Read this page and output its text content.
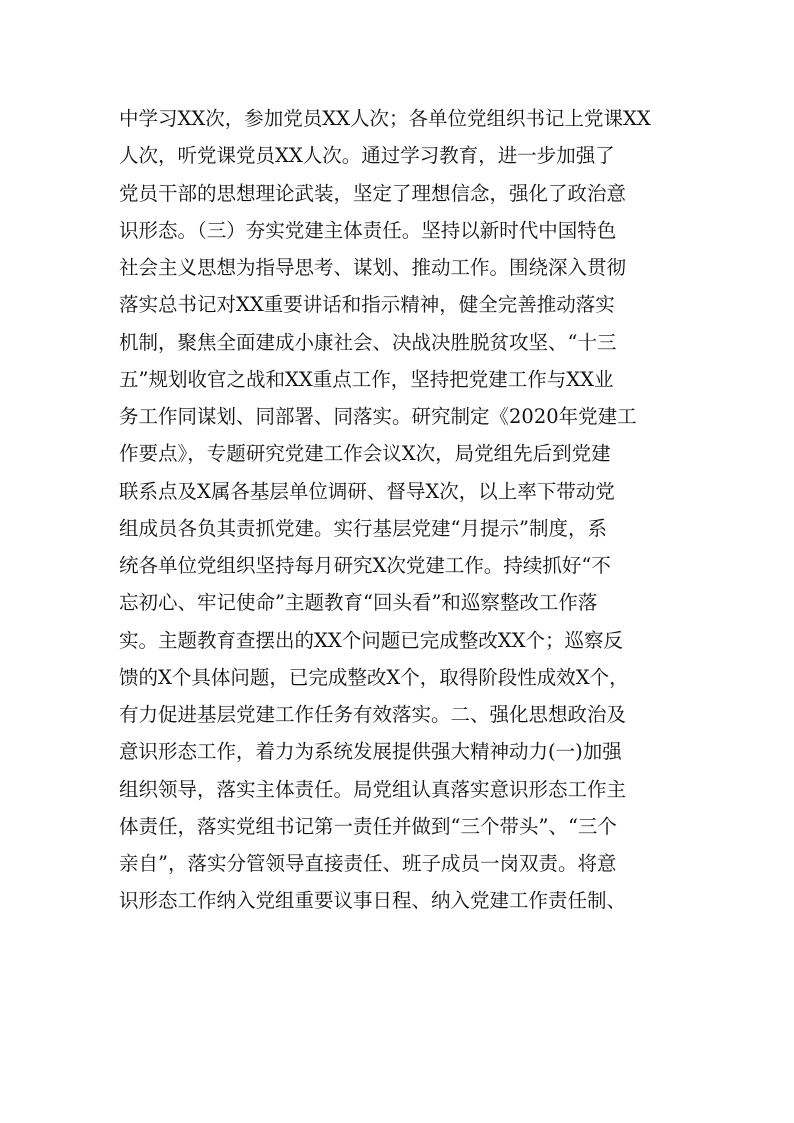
中学习XX次，参加党员XX人次；各单位党组织书记上党课XX
人次，听党课党员XX人次。通过学习教育，进一步加强了
党员干部的思想理论武装，坚定了理想信念，强化了政治意
识形态。（三）夯实党建主体责任。坚持以新时代中国特色
社会主义思想为指导思考、谋划、推动工作。围绕深入贯彻
落实总书记对XX重要讲话和指示精神，健全完善推动落实
机制，聚焦全面建成小康社会、决战决胜脱贫攻坚、“十三
五”规划收官之战和XX重点工作，坚持把党建工作与XX业
务工作同谋划、同部署、同落实。研究制定《2020年党建工
作要点》，专题研究党建工作会议X次，局党组先后到党建
联系点及X属各基层单位调研、督导X次，以上率下带动党
组成员各负其责抓党建。实行基层党建“月提示”制度，系
统各单位党组织坚持每月研究X次党建工作。持续抓好“不
忘初心、牢记使命”主题教育“回头看”和巡察整改工作落
实。主题教育查摆出的XX个问题已完成整改XX个；巡察反
馈的X个具体问题，已完成整改X个，取得阶段性成效X个，
有力促进基层党建工作任务有效落实。二、强化思想政治及
意识形态工作，着力为系统发展提供强大精神动力(一)加强
组织领导，落实主体责任。局党组认真落实意识形态工作主
体责任，落实党组书记第一责任并做到“三个带头”、“三个
亲自”，落实分管领导直接责任、班子成员一岗双责。将意
识形态工作纳入党组重要议事日程、纳入党建工作责任制、
